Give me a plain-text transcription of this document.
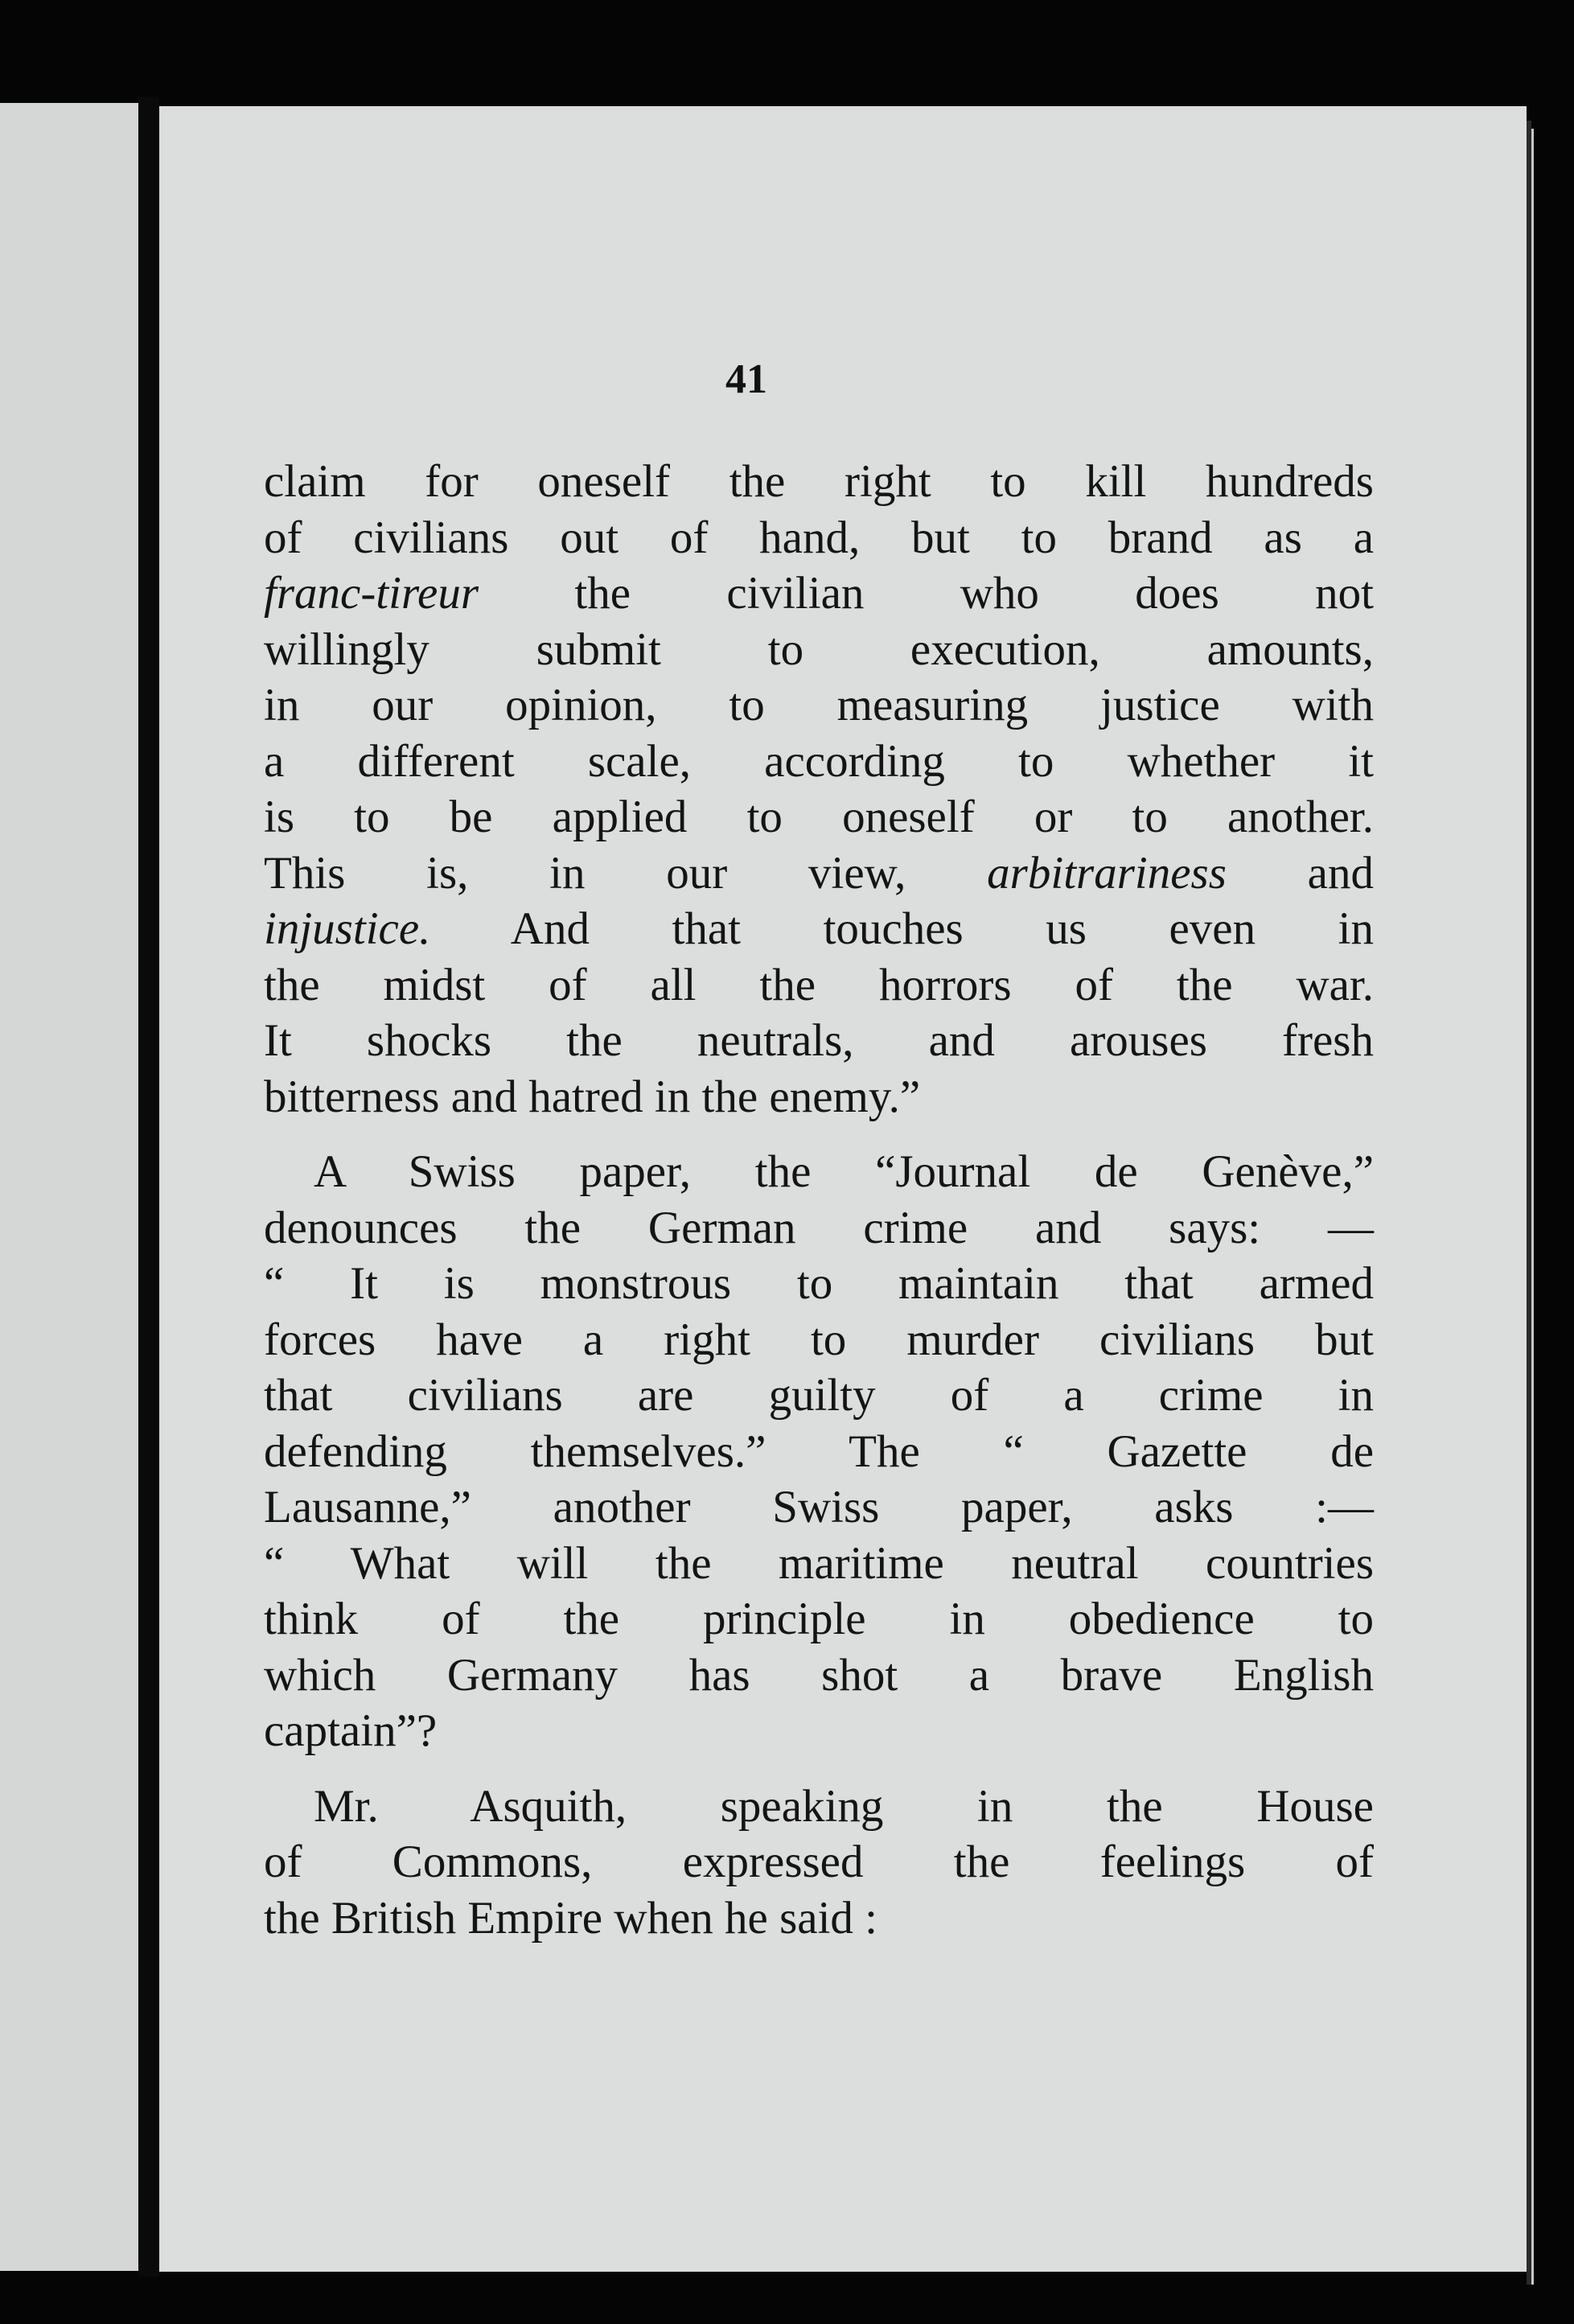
41
claim for oneself the right to kill hundreds
of civilians out of hand, but to brand as a
franc-tireur the civilian who does not
willingly submit to execution, amounts,
in our opinion, to measuring justice with
a different scale, according to whether it
is to be applied to oneself or to another.
This is, in our view, arbitrariness and
injustice. And that touches us even in
the midst of all the horrors of the war.
It shocks the neutrals, and arouses fresh
bitterness and hatred in the enemy.”
A Swiss paper, the “Journal de Genève,”
denounces the German crime and says: —
“ It is monstrous to maintain that armed
forces have a right to murder civilians but
that civilians are guilty of a crime in
defending themselves.” The “ Gazette de
Lausanne,” another Swiss paper, asks :—
“ What will the maritime neutral countries
think of the principle in obedience to
which Germany has shot a brave English
captain”?
Mr. Asquith, speaking in the House
of Commons, expressed the feelings of
the British Empire when he said :
